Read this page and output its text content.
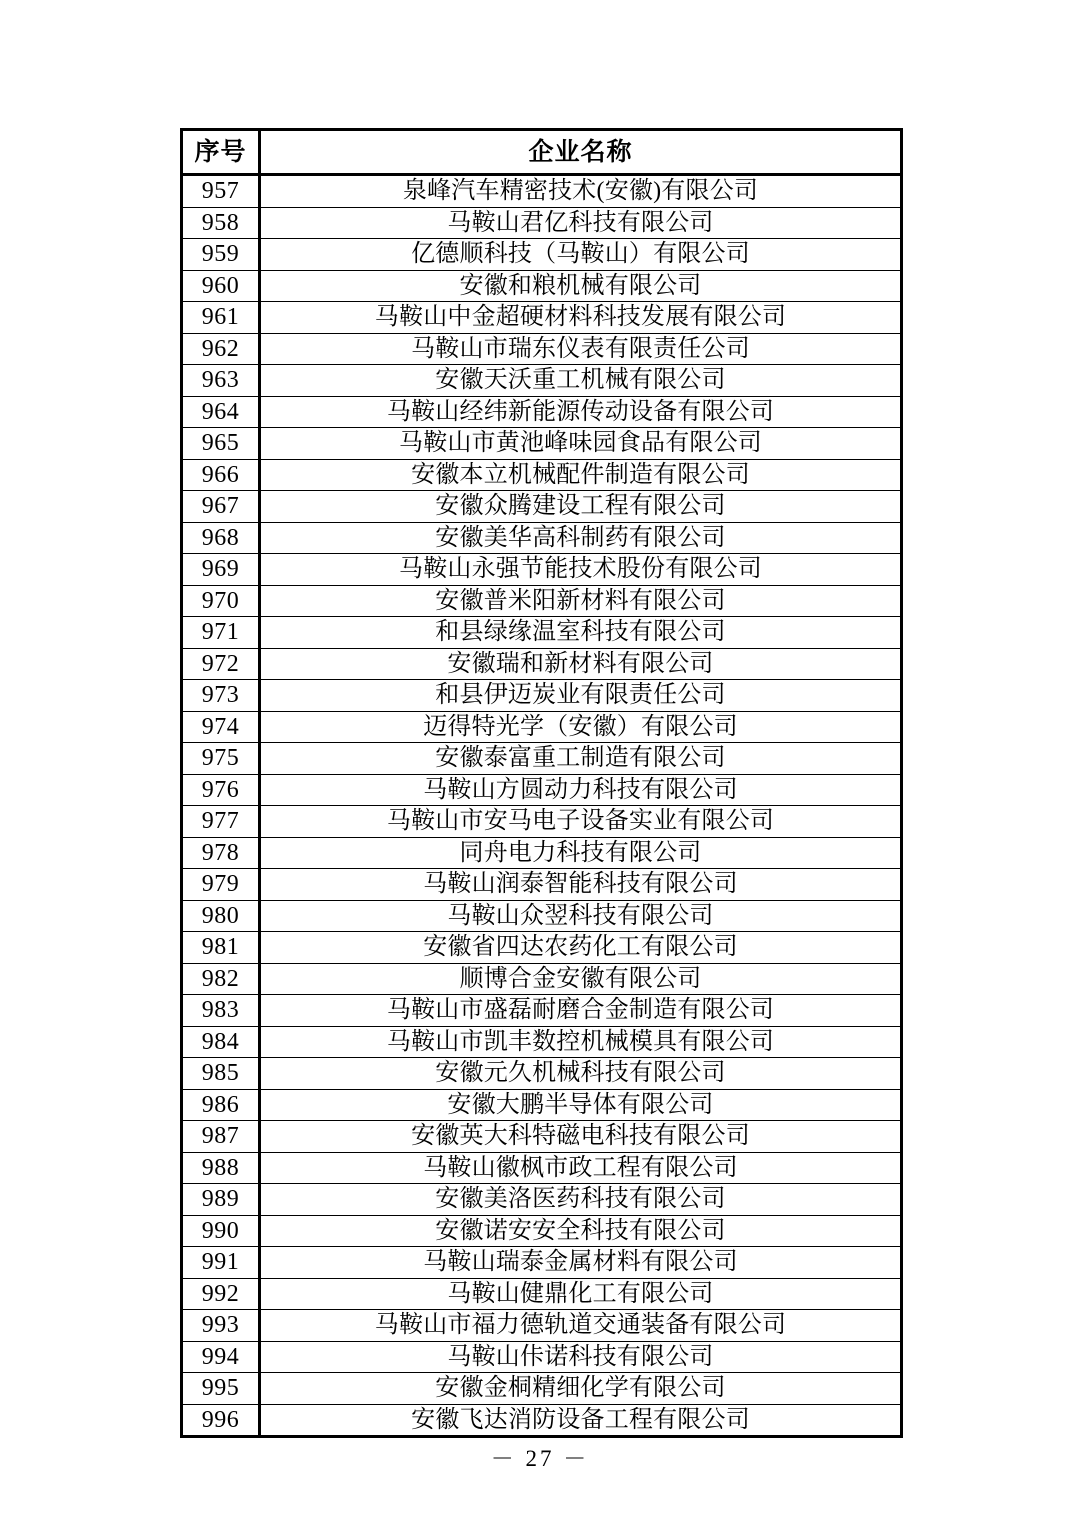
序号	企业名称
957	泉峰汽车精密技术(安徽)有限公司
958	马鞍山君亿科技有限公司
959	亿德顺科技（马鞍山）有限公司
960	安徽和粮机械有限公司
961	马鞍山中金超硬材料科技发展有限公司
962	马鞍山市瑞东仪表有限责任公司
963	安徽天沃重工机械有限公司
964	马鞍山经纬新能源传动设备有限公司
965	马鞍山市黄池峰味园食品有限公司
966	安徽本立机械配件制造有限公司
967	安徽众腾建设工程有限公司
968	安徽美华高科制药有限公司
969	马鞍山永强节能技术股份有限公司
970	安徽普米阳新材料有限公司
971	和县绿缘温室科技有限公司
972	安徽瑞和新材料有限公司
973	和县伊迈炭业有限责任公司
974	迈得特光学（安徽）有限公司
975	安徽泰富重工制造有限公司
976	马鞍山方圆动力科技有限公司
977	马鞍山市安马电子设备实业有限公司
978	同舟电力科技有限公司
979	马鞍山润泰智能科技有限公司
980	马鞍山众翌科技有限公司
981	安徽省四达农药化工有限公司
982	顺博合金安徽有限公司
983	马鞍山市盛磊耐磨合金制造有限公司
984	马鞍山市凯丰数控机械模具有限公司
985	安徽元久机械科技有限公司
986	安徽大鹏半导体有限公司
987	安徽英大科特磁电科技有限公司
988	马鞍山徽枫市政工程有限公司
989	安徽美洛医药科技有限公司
990	安徽诺安安全科技有限公司
991	马鞍山瑞泰金属材料有限公司
992	马鞍山健鼎化工有限公司
993	马鞍山市福力德轨道交通装备有限公司
994	马鞍山佧诺科技有限公司
995	安徽金桐精细化学有限公司
996	安徽飞达消防设备工程有限公司
－ 27 －
